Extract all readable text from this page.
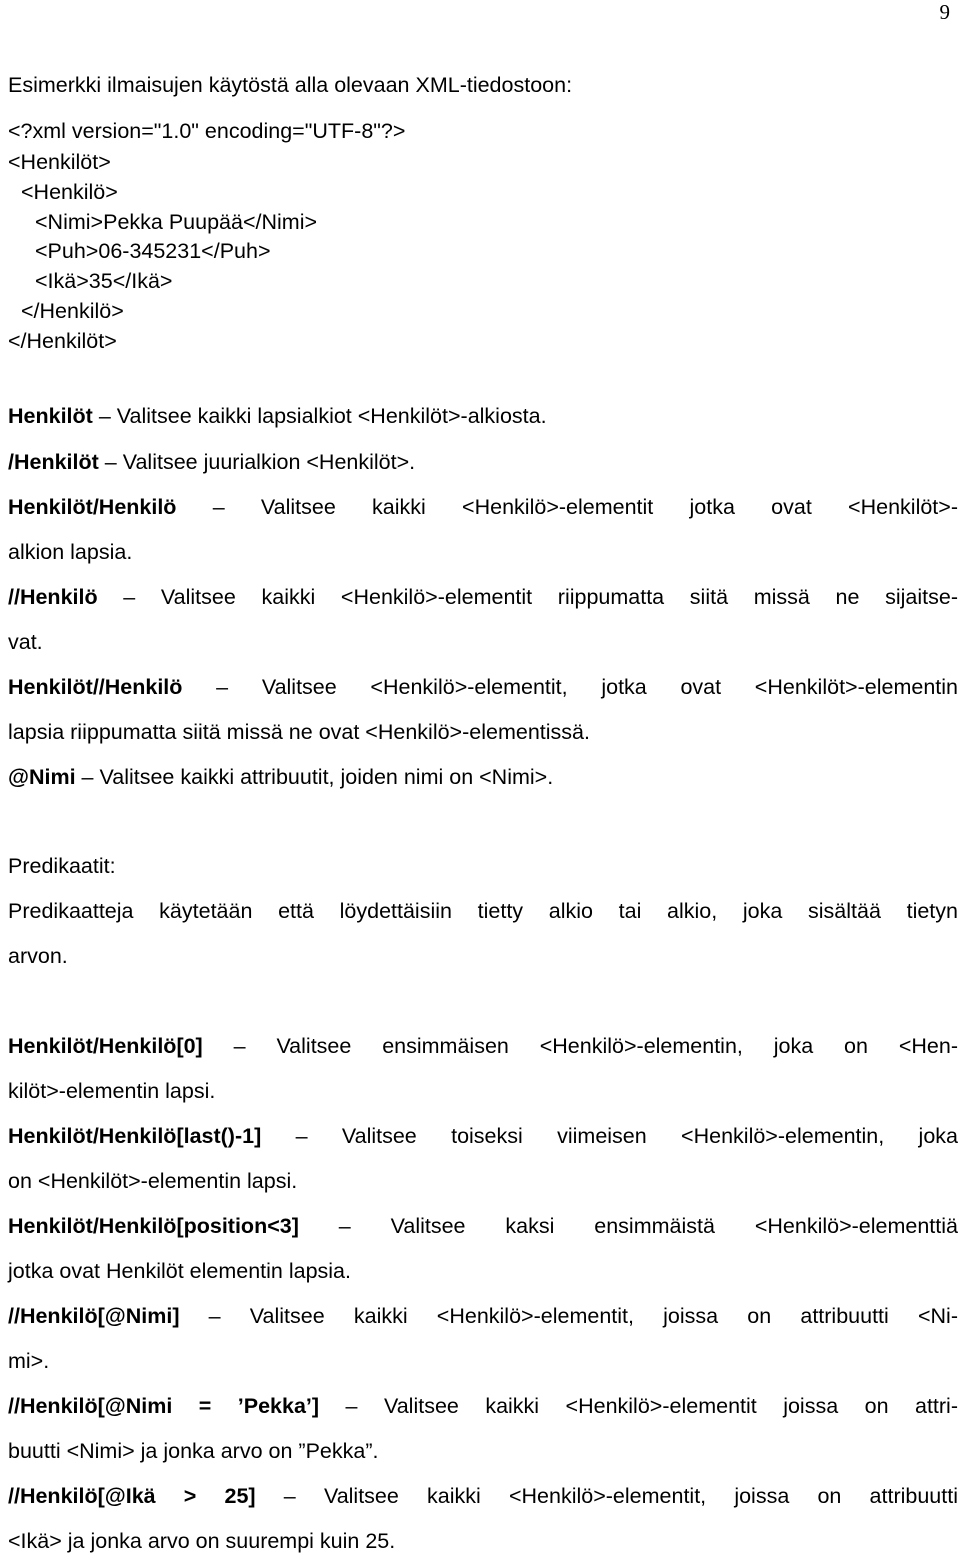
9
Esimerkki ilmaisujen käytöstä alla olevaan XML-tiedostoon:
<?xml version="1.0" encoding="UTF-8"?>
<Henkilöt>
<Henkilö>
<Nimi>Pekka Puupää</Nimi>
<Puh>06-345231</Puh>
<Ikä>35</Ikä>
</Henkilö>
</Henkilöt>
Henkilöt – Valitsee kaikki lapsialkiot <Henkilöt>-alkiosta.
/Henkilöt – Valitsee juurialkion <Henkilöt>.
Henkilöt/Henkilö – Valitsee kaikki <Henkilö>-elementit jotka ovat <Henkilöt>-
alkion lapsia.
//Henkilö – Valitsee kaikki <Henkilö>-elementit riippumatta siitä missä ne sijaitse-
vat.
Henkilöt//Henkilö – Valitsee <Henkilö>-elementit, jotka ovat <Henkilöt>-elementin
lapsia riippumatta siitä missä ne ovat <Henkilö>-elementissä.
@Nimi – Valitsee kaikki attribuutit, joiden nimi on <Nimi>.
Predikaatit:
Predikaatteja käytetään että löydettäisiin tietty alkio tai alkio, joka sisältää tietyn
arvon.
Henkilöt/Henkilö[0] – Valitsee ensimmäisen <Henkilö>-elementin, joka on <Hen-
kilöt>-elementin lapsi.
Henkilöt/Henkilö[last()-1] – Valitsee toiseksi viimeisen <Henkilö>-elementin, joka
on <Henkilöt>-elementin lapsi.
Henkilöt/Henkilö[position<3] – Valitsee kaksi ensimmäistä <Henkilö>-elementtiä
jotka ovat Henkilöt elementin lapsia.
//Henkilö[@Nimi] – Valitsee kaikki <Henkilö>-elementit, joissa on attribuutti <Ni-
mi>.
//Henkilö[@Nimi = ’Pekka’] – Valitsee kaikki <Henkilö>-elementit joissa on attri-
buutti <Nimi> ja jonka arvo on ”Pekka”.
//Henkilö[@Ikä > 25] – Valitsee kaikki <Henkilö>-elementit, joissa on attribuutti
<Ikä> ja jonka arvo on suurempi kuin 25.
